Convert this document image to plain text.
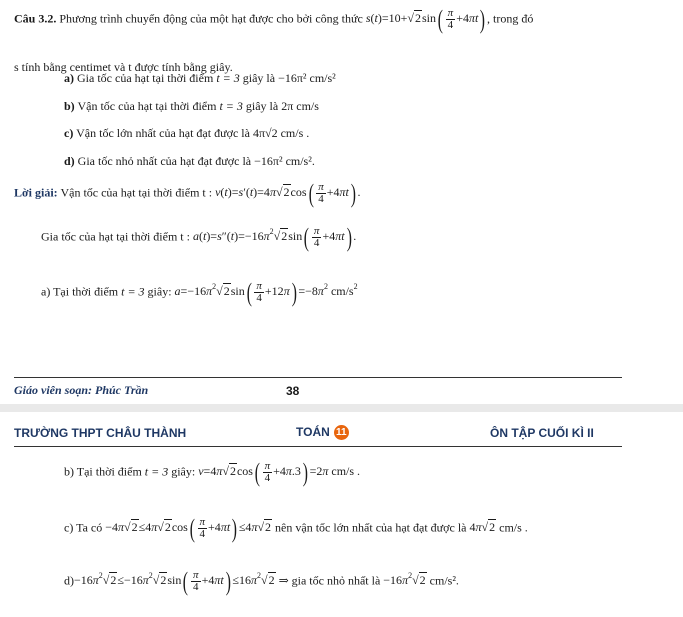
Câu 3.2. Phương trình chuyển động của một hạt được cho bởi công thức $s(t)=10+√2\sin( \frac{\pi}{4} +4\pi t)$ , trong đó
s tính bằng centimet và t được tính bằng giây.
a) Gia tốc của hạt tại thời điểm t = 3 giây là −16π² cm/s²
b) Vận tốc của hạt tại thời điểm t = 3 giây là 2π cm/s
c) Vận tốc lớn nhất của hạt đạt được là 4π√2 cm/s .
d) Gia tốc nhỏ nhất của hạt đạt được là −16π² cm/s².
Lời giải: Vận tốc của hạt tại thời điểm t : $v(t)=s'(t)=4\pi√2\cos( \frac{\pi}{4} +4\pi t)$ .
Gia tốc của hạt tại thời điểm t : $a(t)=s''(t)=-16\pi^2√2\sin( \frac{\pi}{4} +4\pi t)$ .
a) Tại thời điểm t = 3 giây: $a=-16\pi^2√2\sin( \frac{\pi}{4} +12\pi) =-8\pi^2$ $cm/s^2$
Giáo viên soạn: Phúc Trần	38
TRƯỜNG THPT CHÂU THÀNH	TOÁN 11	ÔN TẬP CUỐI KÌ II
b) Tại thời điểm t = 3 giây: $v=4\pi√2\cos( \frac{\pi}{4} +4\pi.3) =2\pi$ cm/s .
c) Ta có $-4\pi√2\le 4\pi√2\cos( \frac{\pi}{4} +4\pi t) \le 4\pi√2$ nên vận tốc lớn nhất của hạt đạt được là 4π√2 cm/s .
$d)-16\pi^2√2\le-16\pi^2√2\sin( \frac{\pi}{4} +4\pi t) \le 16\pi^2√2$ ⇒ gia tốc nhỏ nhất là $-16\pi^2√2$ cm/s².
